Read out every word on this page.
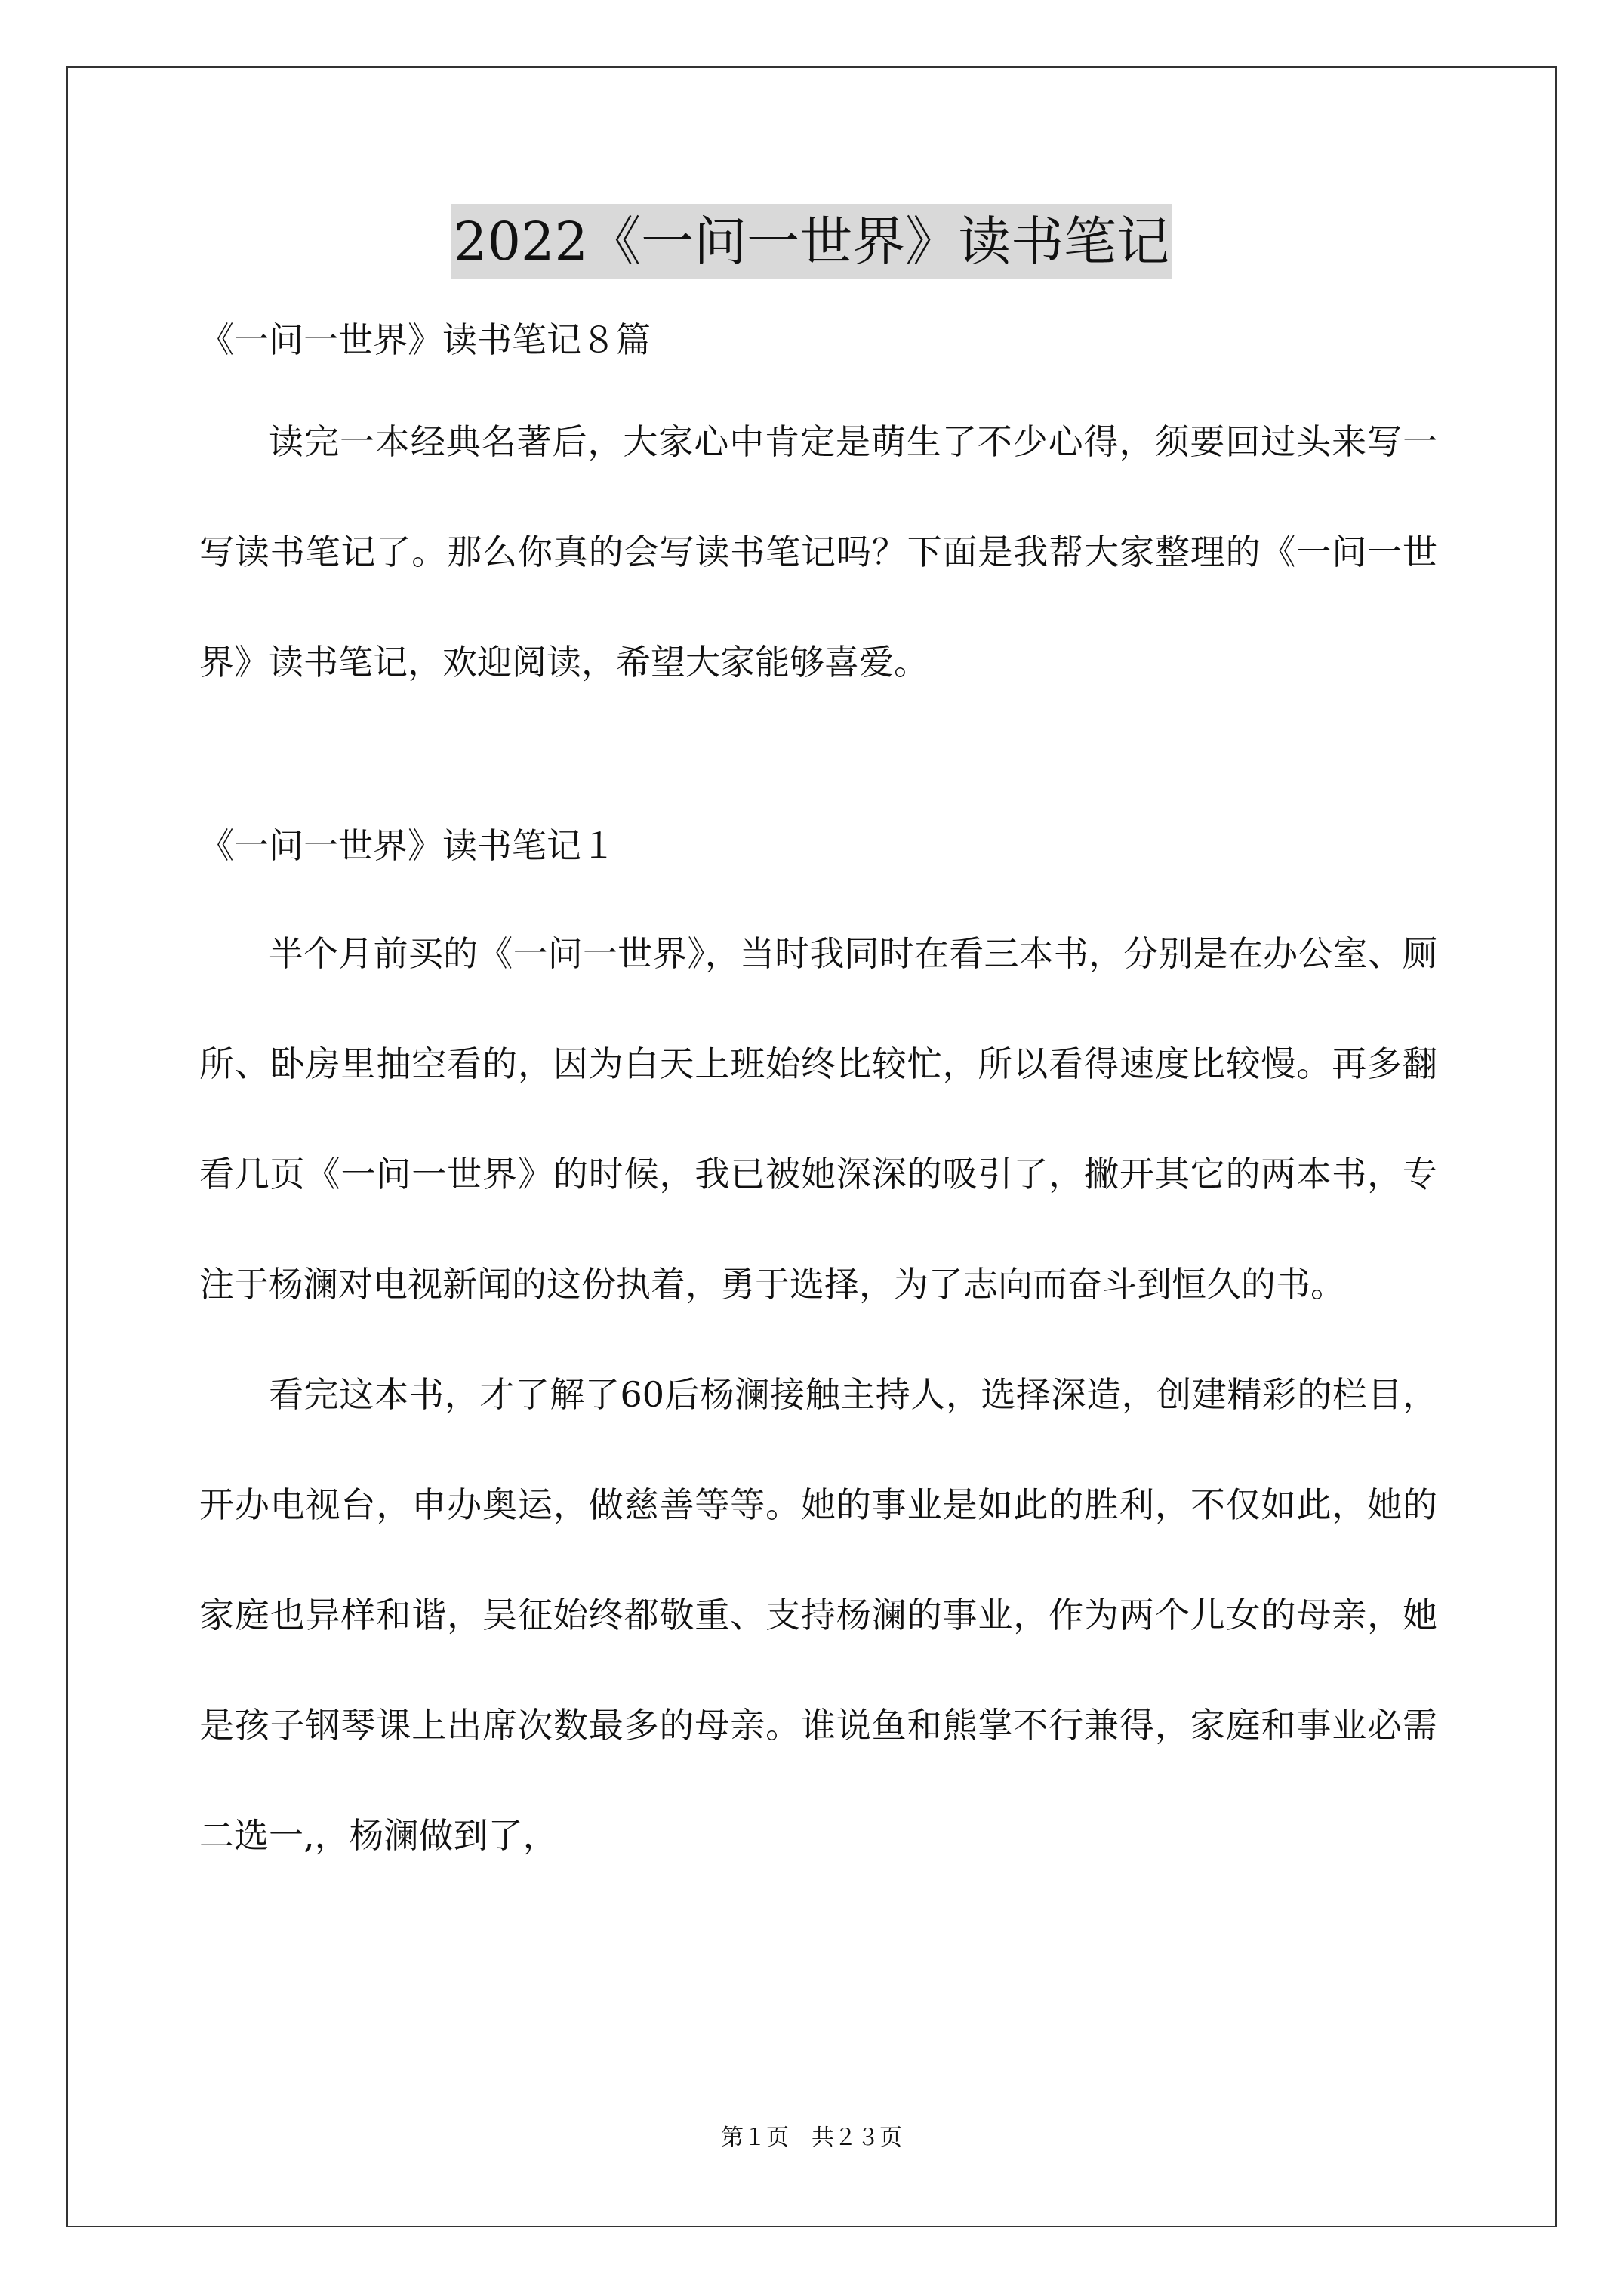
2022《一问一世界》读书笔记

《一问一世界》读书笔记８篇

读完一本经典名著后，大家心中肯定是萌生了不少心得，须要回过头来写一写读书笔记了。那么你真的会写读书笔记吗？下面是我帮大家整理的《一问一世界》读书笔记，欢迎阅读，希望大家能够喜爱。

《一问一世界》读书笔记１

半个月前买的《一问一世界》，当时我同时在看三本书，分别是在办公室、厕所、卧房里抽空看的，因为白天上班始终比较忙，所以看得速度比较慢。再多翻看几页《一问一世界》的时候，我已被她深深的吸引了，撇开其它的两本书，专注于杨澜对电视新闻的这份执着，勇于选择，为了志向而奋斗到恒久的书。

看完这本书，才了解了60后杨澜接触主持人，选择深造，创建精彩的栏目，开办电视台，申办奥运，做慈善等等。她的事业是如此的胜利，不仅如此，她的家庭也异样和谐，吴征始终都敬重、支持杨澜的事业，作为两个儿女的母亲，她是孩子钢琴课上出席次数最多的母亲。谁说鱼和熊掌不行兼得，家庭和事业必需二选一,，杨澜做到了，

第１页　共２３页
